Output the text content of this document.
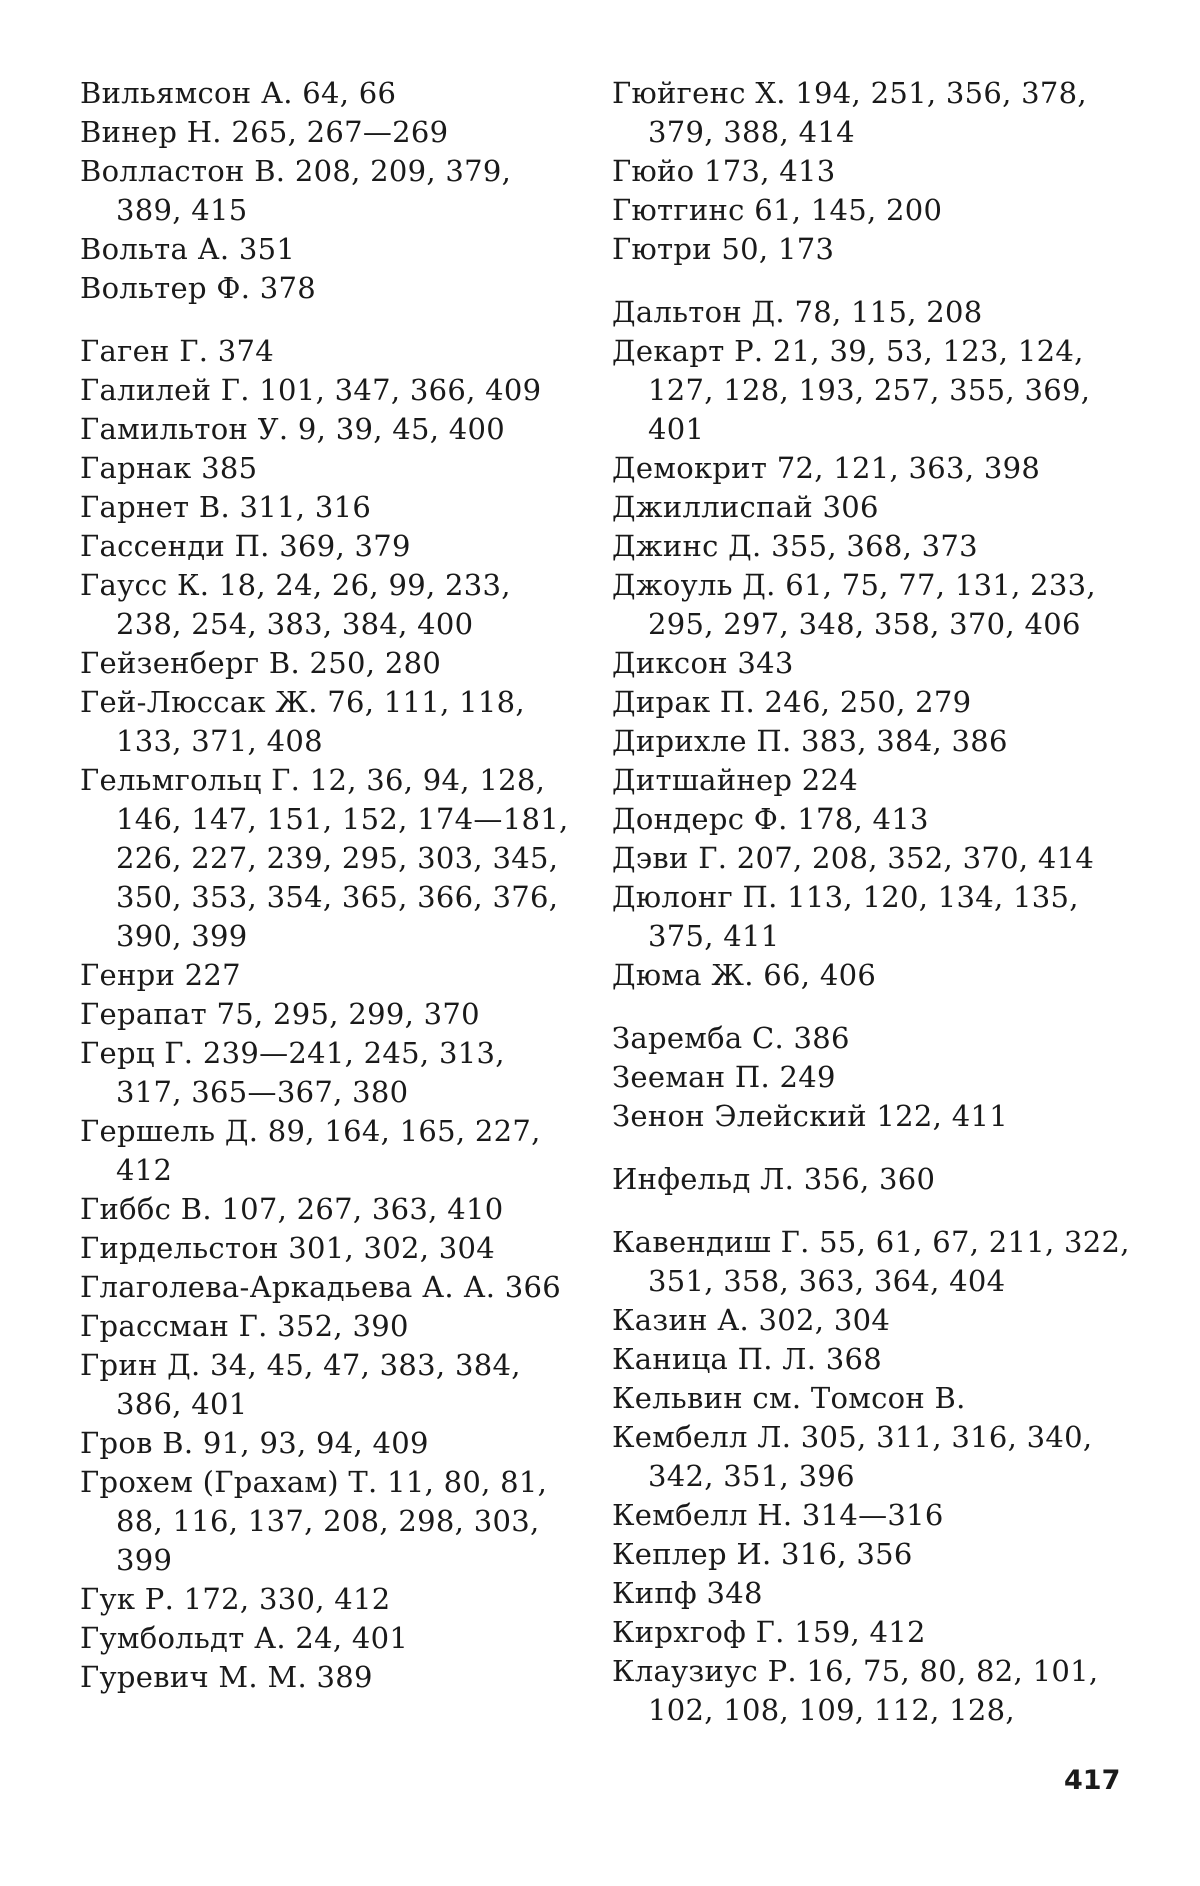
Вильямсон А. 64, 66
Винер Н. 265, 267—269
Волластон В. 208, 209, 379, 389, 415
Вольта А. 351
Вольтер Ф. 378
Гаген Г. 374
Галилей Г. 101, 347, 366, 409
Гамильтон У. 9, 39, 45, 400
Гарнак 385
Гарнет В. 311, 316
Гассенди П. 369, 379
Гаусс К. 18, 24, 26, 99, 233, 238, 254, 383, 384, 400
Гейзенберг В. 250, 280
Гей-Люссак Ж. 76, 111, 118, 133, 371, 408
Гельмгольц Г. 12, 36, 94, 128, 146, 147, 151, 152, 174—181, 226, 227, 239, 295, 303, 345, 350, 353, 354, 365, 366, 376, 390, 399
Генри 227
Герапат 75, 295, 299, 370
Герц Г. 239—241, 245, 313, 317, 365—367, 380
Гершель Д. 89, 164, 165, 227, 412
Гиббс В. 107, 267, 363, 410
Гирдельстон 301, 302, 304
Глаголева-Аркадьева А. А. 366
Грассман Г. 352, 390
Грин Д. 34, 45, 47, 383, 384, 386, 401
Гров В. 91, 93, 94, 409
Грохем (Грахам) Т. 11, 80, 81, 88, 116, 137, 208, 298, 303, 399
Гук Р. 172, 330, 412
Гумбольдт А. 24, 401
Гуревич М. М. 389
Гюйгенс Х. 194, 251, 356, 378, 379, 388, 414
Гюйо 173, 413
Гютгинс 61, 145, 200
Гютри 50, 173
Дальтон Д. 78, 115, 208
Декарт Р. 21, 39, 53, 123, 124, 127, 128, 193, 257, 355, 369, 401
Демокрит 72, 121, 363, 398
Джиллиспай 306
Джинс Д. 355, 368, 373
Джоуль Д. 61, 75, 77, 131, 233, 295, 297, 348, 358, 370, 406
Диксон 343
Дирак П. 246, 250, 279
Дирихле П. 383, 384, 386
Дитшайнер 224
Дондерс Ф. 178, 413
Дэви Г. 207, 208, 352, 370, 414
Дюлонг П. 113, 120, 134, 135, 375, 411
Дюма Ж. 66, 406
Заремба С. 386
Зееман П. 249
Зенон Элейский 122, 411
Инфельд Л. 356, 360
Кавендиш Г. 55, 61, 67, 211, 322, 351, 358, 363, 364, 404
Казин А. 302, 304
Каница П. Л. 368
Кельвин см. Томсон В.
Кембелл Л. 305, 311, 316, 340, 342, 351, 396
Кембелл Н. 314—316
Кеплер И. 316, 356
Кипф 348
Кирхгоф Г. 159, 412
Клаузиус Р. 16, 75, 80, 82, 101, 102, 108, 109, 112, 128,
417
